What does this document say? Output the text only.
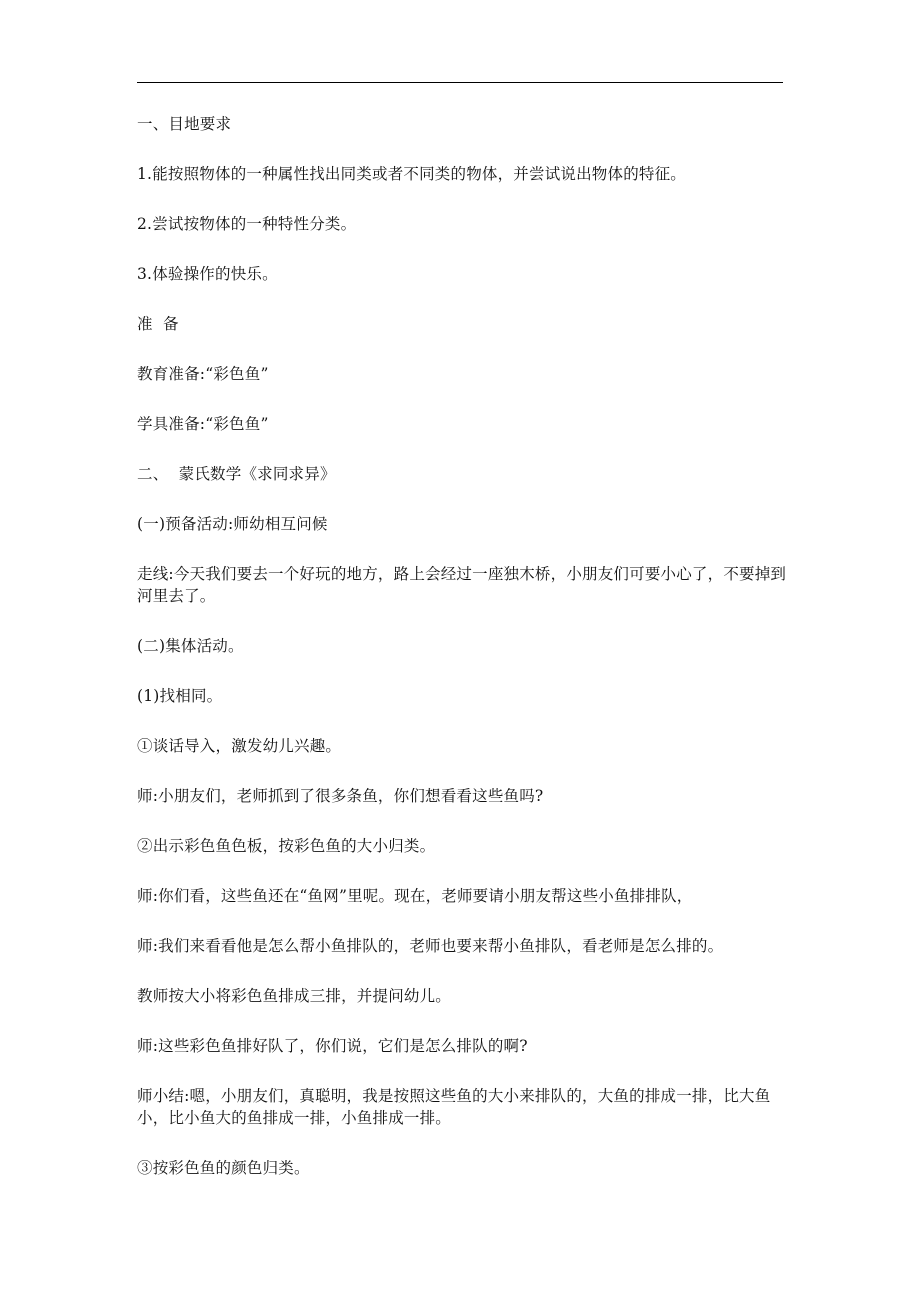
一、目地要求

1.能按照物体的一种属性找出同类或者不同类的物体，并尝试说出物体的特征。

2.尝试按物体的一种特性分类。

3.体验操作的快乐。

准  备

教育准备:“彩色鱼”

学具准备:“彩色鱼”

二、  蒙氏数学《求同求异》

(一)预备活动:师幼相互问候

走线:今天我们要去一个好玩的地方，路上会经过一座独木桥，小朋友们可要小心了，不要掉到河里去了。

(二)集体活动。

(1)找相同。

①谈话导入，激发幼儿兴趣。

师:小朋友们，老师抓到了很多条鱼，你们想看看这些鱼吗?

②出示彩色鱼色板，按彩色鱼的大小归类。

师:你们看，这些鱼还在“鱼网”里呢。现在，老师要请小朋友帮这些小鱼排排队，

师:我们来看看他是怎么帮小鱼排队的，老师也要来帮小鱼排队，看老师是怎么排的。

教师按大小将彩色鱼排成三排，并提问幼儿。

师:这些彩色鱼排好队了，你们说，它们是怎么排队的啊?

师小结:嗯，小朋友们，真聪明，我是按照这些鱼的大小来排队的，大鱼的排成一排，比大鱼小，比小鱼大的鱼排成一排，小鱼排成一排。

③按彩色鱼的颜色归类。
